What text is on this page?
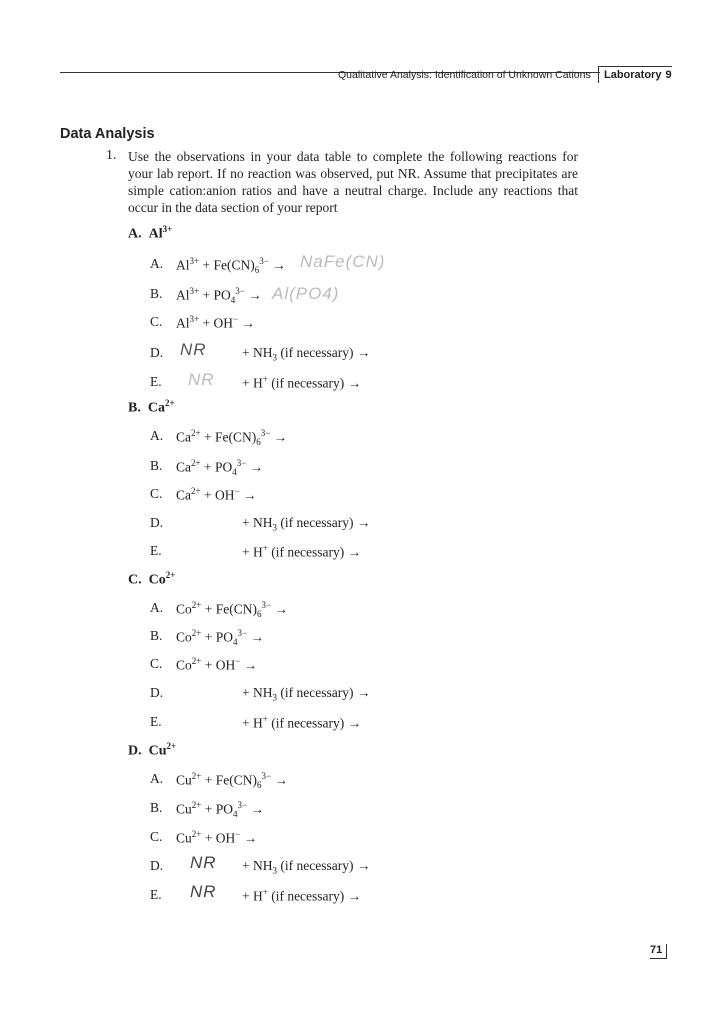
Qualitative Analysis: Identification of Unknown Cations	Laboratory 9
Data Analysis
1. Use the observations in your data table to complete the following reactions for your lab report. If no reaction was observed, put NR. Assume that precipitates are simple cation:anion ratios and have a neutral charge. Include any reactions that occur in the data section of your report
A. $Al^{3+}$
A. $Al^{3+} + Fe(CN)_6^{3-}$ → NaFe(CN)
B. $Al^{3+} + PO_4^{3-} \to Al(PO4)$
C. $Al^{3+} + OH^-$ →
D.	+ $NH_3$ (if necessary) →
NR
E.	+ H+ (if necessary) →
NR
B. $Ca^{2+}$
A. $Ca^{2+} + Fe(CN)_6^{3-}$ →
B. $Ca^{2+} + PO_4^{3-}$ →
C. $Ca^{2+} + OH^-$ →
D.	+ $NH_3$ (if necessary) →
E.	+ H+ (if necessary) →
C. $Co^{2+}$
A. $Co^{2+} + Fe(CN)_6^{3-}$ →
B. $Co^{2+} + PO_4^{3-}$ →
C. $Co^{2+} + OH^-$ →
D.	+ $NH_3$ (if necessary) →
E.	+ H+ (if necessary) →
D. $Cu^{2+}$
A. $Cu^{2+} + Fe(CN)_6^{3-}$ →
B. $Cu^{2+} + PO_4^{3-}$ →
C. $Cu^{2+} + OH^-$ →
D.	+ $NH_3$ (if necessary) →
NR
E.	+ H+ (if necessary) →
NR
71
